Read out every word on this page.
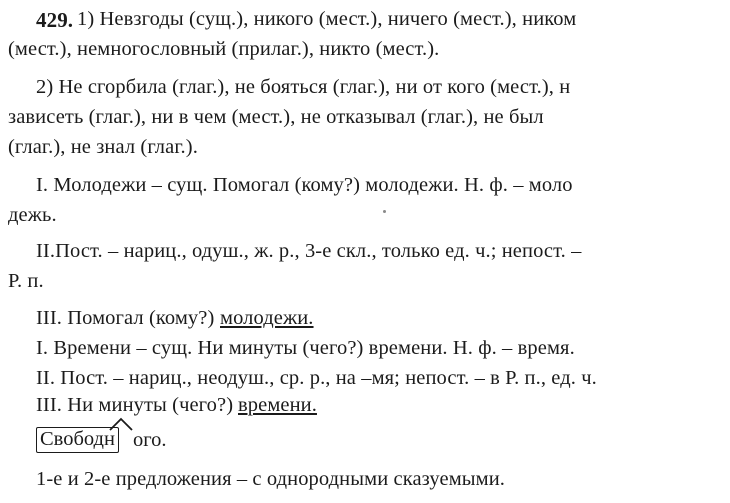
429. 1) Невзгоды (сущ.), никого (мест.), ничего (мест.), ником
(мест.), немногословный (прилаг.), никто (мест.).
2) Не сгорбила (глаг.), не бояться (глаг.), ни от кого (мест.), н
зависеть (глаг.), ни в чем (мест.), не отказывал (глаг.), не был
(глаг.), не знал (глаг.).
I. Молодежи – сущ. Помогал (кому?) молодежи. Н. ф. – моло
дежь.
II.Пост. – нариц., одуш., ж. р., 3-е скл., только ед. ч.; непост. –
Р. п.
III. Помогал (кому?) молодежи.
I. Времени – сущ. Ни минуты (чего?) времени. Н. ф. – время.
II. Пост. – нариц., неодуш., ср. р., на –мя; непост. – в Р. п., ед. ч.
III. Ни минуты (чего?) времени.
Свободн ого.
1-е и 2-е предложения – с однородными сказуемыми.
